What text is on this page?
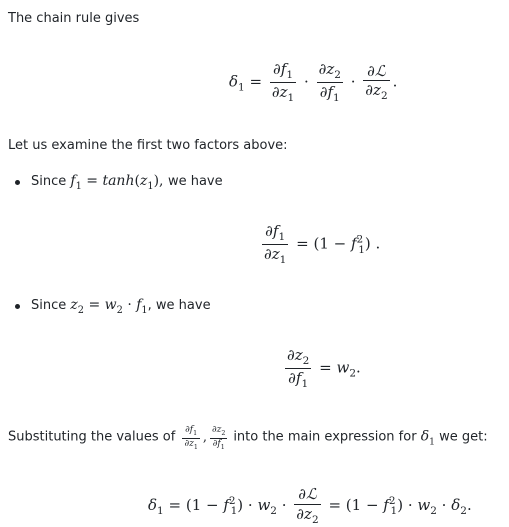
The chain rule gives
$\delta_1 = \frac{\partial f_1}{\partial z_1} \cdot \frac{\partial z_2}{\partial f_1} \cdot \frac{\text{∂ℒ}}{\partial z_2}$ .
Let us examine the first two factors above:
Since $f_1 = \tanh(z_1)$, we have
$\frac{\partial f_1}{\partial z_1} = (1 - f^2_1)$ .
Since $z_2 = w_2 \cdot f_1$, we have
$\frac{\partial z_2}{\partial f_1} = w_2$.
Substituting the values of $\frac{\partial f_1}{\partial z_1}$ , $\frac{\partial z_2}{\partial f_1}$ into the main expression for $\delta_1$ we get:
$\delta_1 = (1 - f^2_1) \cdot w_2 \cdot \frac{\text{∂ℒ}}{\partial z_2} = (1 - f^2_1) \cdot w_2 \cdot \delta_2$.
